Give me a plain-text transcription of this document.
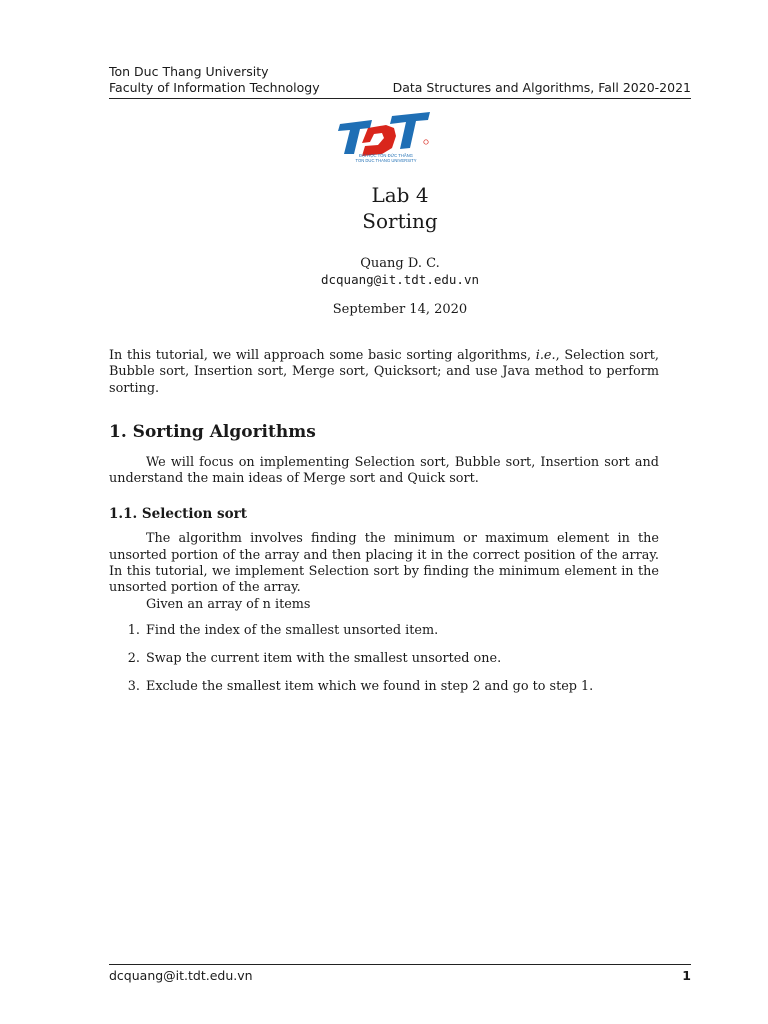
Ton Duc Thang University
Faculty of Information Technology	Data Structures and Algorithms, Fall 2020-2021
ĐẠI HỌC TÔN ĐỨC THẮNG
TON DUC THANG UNIVERSITY
Lab 4
Sorting
Quang D. C.
dcquang@it.tdt.edu.vn
September 14, 2020

In this tutorial, we will approach some basic sorting algorithms, i.e., Selection sort, Bubble sort, Insertion sort, Merge sort, Quicksort; and use Java method to perform sorting.

1. Sorting Algorithms

We will focus on implementing Selection sort, Bubble sort, Insertion sort and understand the main ideas of Merge sort and Quick sort.

1.1. Selection sort

The algorithm involves finding the minimum or maximum element in the unsorted portion of the array and then placing it in the correct position of the array. In this tutorial, we implement Selection sort by finding the minimum element in the unsorted portion of the array.

Given an array of n items

1. Find the index of the smallest unsorted item.
2. Swap the current item with the smallest unsorted one.
3. Exclude the smallest item which we found in step 2 and go to step 1.
dcquang@it.tdt.edu.vn	1
